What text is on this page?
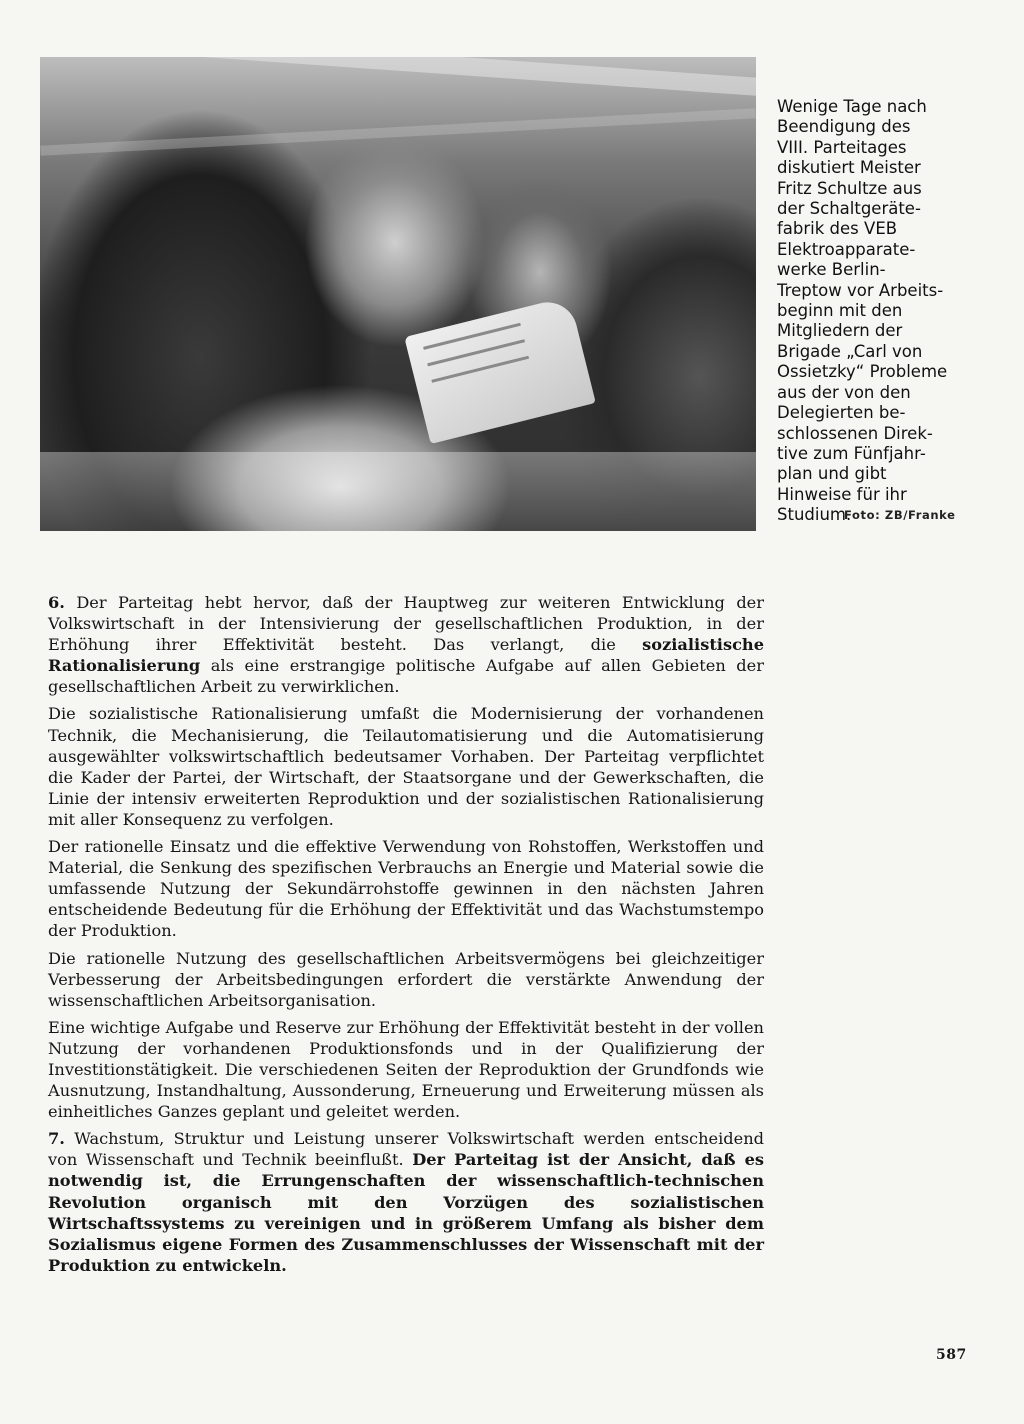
Wenige Tage nach
Beendigung des
VIII. Parteitages
diskutiert Meister
Fritz Schultze aus
der Schaltgeräte-
fabrik des VEB
Elektroapparate-
werke Berlin-
Treptow vor Arbeits-
beginn mit den
Mitgliedern der
Brigade „Carl von
Ossietzky“ Probleme
aus der von den
Delegierten be-
schlossenen Direk-
tive zum Fünfjahr-
plan und gibt
Hinweise für ihr
Studium.

Foto: ZB/Franke

6. Der Parteitag hebt hervor, daß der Hauptweg zur weiteren Entwicklung der Volkswirtschaft in der Intensivierung der gesellschaftlichen Produktion, in der Erhöhung ihrer Effektivität besteht. Das verlangt, die sozialistische Rationalisierung als eine erstrangige politische Aufgabe auf allen Gebieten der gesellschaftlichen Arbeit zu verwirklichen.

Die sozialistische Rationalisierung umfaßt die Modernisierung der vorhandenen Technik, die Mechanisierung, die Teilautomatisierung und die Automatisierung ausgewählter volkswirtschaftlich bedeutsamer Vorhaben. Der Parteitag verpflichtet die Kader der Partei, der Wirtschaft, der Staatsorgane und der Gewerkschaften, die Linie der intensiv erweiterten Reproduktion und der sozialistischen Rationalisierung mit aller Konsequenz zu verfolgen.

Der rationelle Einsatz und die effektive Verwendung von Rohstoffen, Werkstoffen und Material, die Senkung des spezifischen Verbrauchs an Energie und Material sowie die umfassende Nutzung der Sekundärrohstoffe gewinnen in den nächsten Jahren entscheidende Bedeutung für die Erhöhung der Effektivität und das Wachstumstempo der Produktion.

Die rationelle Nutzung des gesellschaftlichen Arbeitsvermögens bei gleichzeitiger Verbesserung der Arbeitsbedingungen erfordert die verstärkte Anwendung der wissenschaftlichen Arbeitsorganisation.

Eine wichtige Aufgabe und Reserve zur Erhöhung der Effektivität besteht in der vollen Nutzung der vorhandenen Produktionsfonds und in der Qualifizierung der Investitionstätigkeit. Die verschiedenen Seiten der Reproduktion der Grundfonds wie Ausnutzung, Instandhaltung, Aussonderung, Erneuerung und Erweiterung müssen als einheitliches Ganzes geplant und geleitet werden.

7. Wachstum, Struktur und Leistung unserer Volkswirtschaft werden entscheidend von Wissenschaft und Technik beeinflußt. Der Parteitag ist der Ansicht, daß es notwendig ist, die Errungenschaften der wissenschaftlich-technischen Revolution organisch mit den Vorzügen des sozialistischen Wirtschaftssystems zu vereinigen und in größerem Umfang als bisher dem Sozialismus eigene Formen des Zusammenschlusses der Wissenschaft mit der Produktion zu entwickeln.

587
